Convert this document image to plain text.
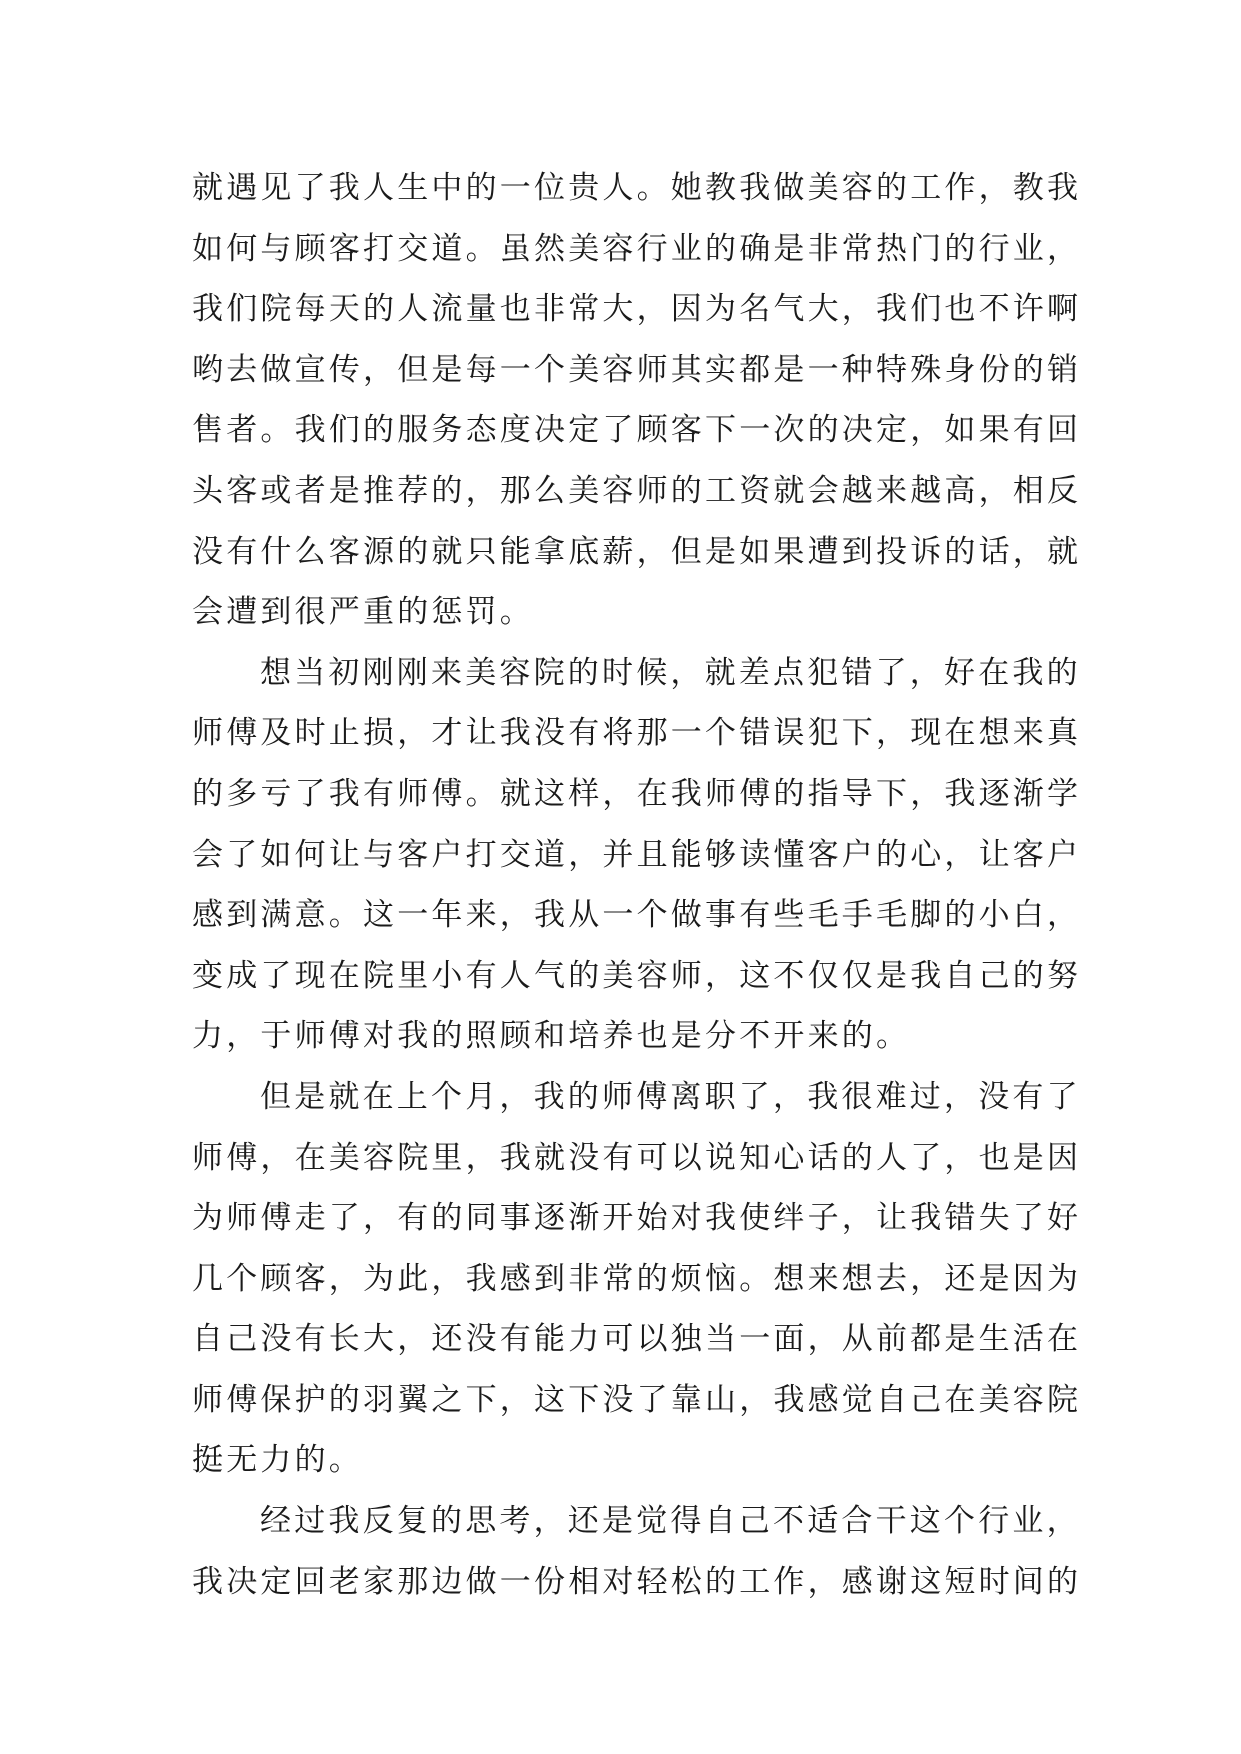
就遇见了我人生中的一位贵人。她教我做美容的工作，教我
如何与顾客打交道。虽然美容行业的确是非常热门的行业，
我们院每天的人流量也非常大，因为名气大，我们也不许啊
哟去做宣传，但是每一个美容师其实都是一种特殊身份的销
售者。我们的服务态度决定了顾客下一次的决定，如果有回
头客或者是推荐的，那么美容师的工资就会越来越高，相反
没有什么客源的就只能拿底薪，但是如果遭到投诉的话，就
会遭到很严重的惩罚。
想当初刚刚来美容院的时候，就差点犯错了，好在我的
师傅及时止损，才让我没有将那一个错误犯下，现在想来真
的多亏了我有师傅。就这样，在我师傅的指导下，我逐渐学
会了如何让与客户打交道，并且能够读懂客户的心，让客户
感到满意。这一年来，我从一个做事有些毛手毛脚的小白，
变成了现在院里小有人气的美容师，这不仅仅是我自己的努
力，于师傅对我的照顾和培养也是分不开来的。
但是就在上个月，我的师傅离职了，我很难过，没有了
师傅，在美容院里，我就没有可以说知心话的人了，也是因
为师傅走了，有的同事逐渐开始对我使绊子，让我错失了好
几个顾客，为此，我感到非常的烦恼。想来想去，还是因为
自己没有长大，还没有能力可以独当一面，从前都是生活在
师傅保护的羽翼之下，这下没了靠山，我感觉自己在美容院
挺无力的。
经过我反复的思考，还是觉得自己不适合干这个行业，
我决定回老家那边做一份相对轻松的工作，感谢这短时间的
